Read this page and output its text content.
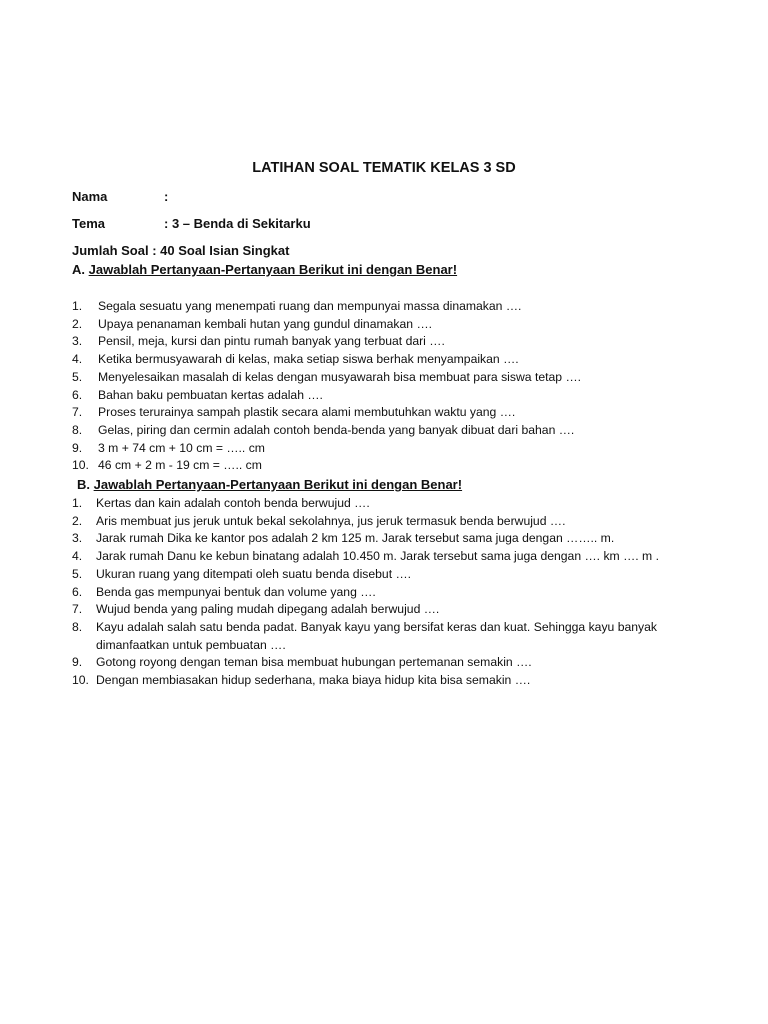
LATIHAN SOAL TEMATIK KELAS 3 SD
Nama	:
Tema	: 3 – Benda di Sekitarku
Jumlah Soal : 40 Soal Isian Singkat
A. Jawablah Pertanyaan-Pertanyaan Berikut ini dengan Benar!
1.	Segala sesuatu yang menempati ruang dan mempunyai massa dinamakan ….
2.	Upaya penanaman kembali hutan yang gundul dinamakan ….
3.	Pensil, meja, kursi dan pintu rumah banyak yang terbuat dari ….
4.	Ketika bermusyawarah di kelas, maka setiap siswa berhak menyampaikan ….
5.	Menyelesaikan masalah di kelas dengan musyawarah bisa membuat para siswa tetap ….
6.	Bahan baku pembuatan kertas adalah ….
7.	Proses terurainya sampah plastik secara alami membutuhkan waktu yang ….
8.	Gelas, piring dan cermin adalah contoh benda-benda yang banyak dibuat dari bahan ….
9.	3 m + 74 cm + 10 cm = ….. cm
10. 46 cm + 2 m - 19 cm = ….. cm
B. Jawablah Pertanyaan-Pertanyaan Berikut ini dengan Benar!
1.	Kertas dan kain adalah contoh benda berwujud ….
2.	Aris membuat jus jeruk untuk bekal sekolahnya, jus jeruk termasuk benda berwujud ….
3.	Jarak rumah Dika ke kantor pos adalah 2 km 125 m. Jarak tersebut sama juga dengan …….. m.
4.	Jarak rumah Danu ke kebun binatang adalah 10.450 m. Jarak tersebut sama juga dengan …. km …. m .
5.	Ukuran ruang yang ditempati oleh suatu benda disebut ….
6.	Benda gas mempunyai bentuk dan volume yang ….
7.	Wujud benda yang paling mudah dipegang adalah berwujud ….
8.	Kayu adalah salah satu benda padat. Banyak kayu yang bersifat keras dan kuat. Sehingga kayu banyak dimanfaatkan untuk pembuatan ….
9.	Gotong royong dengan teman bisa membuat hubungan pertemanan semakin ….
10. Dengan membiasakan hidup sederhana, maka biaya hidup kita bisa semakin ….
